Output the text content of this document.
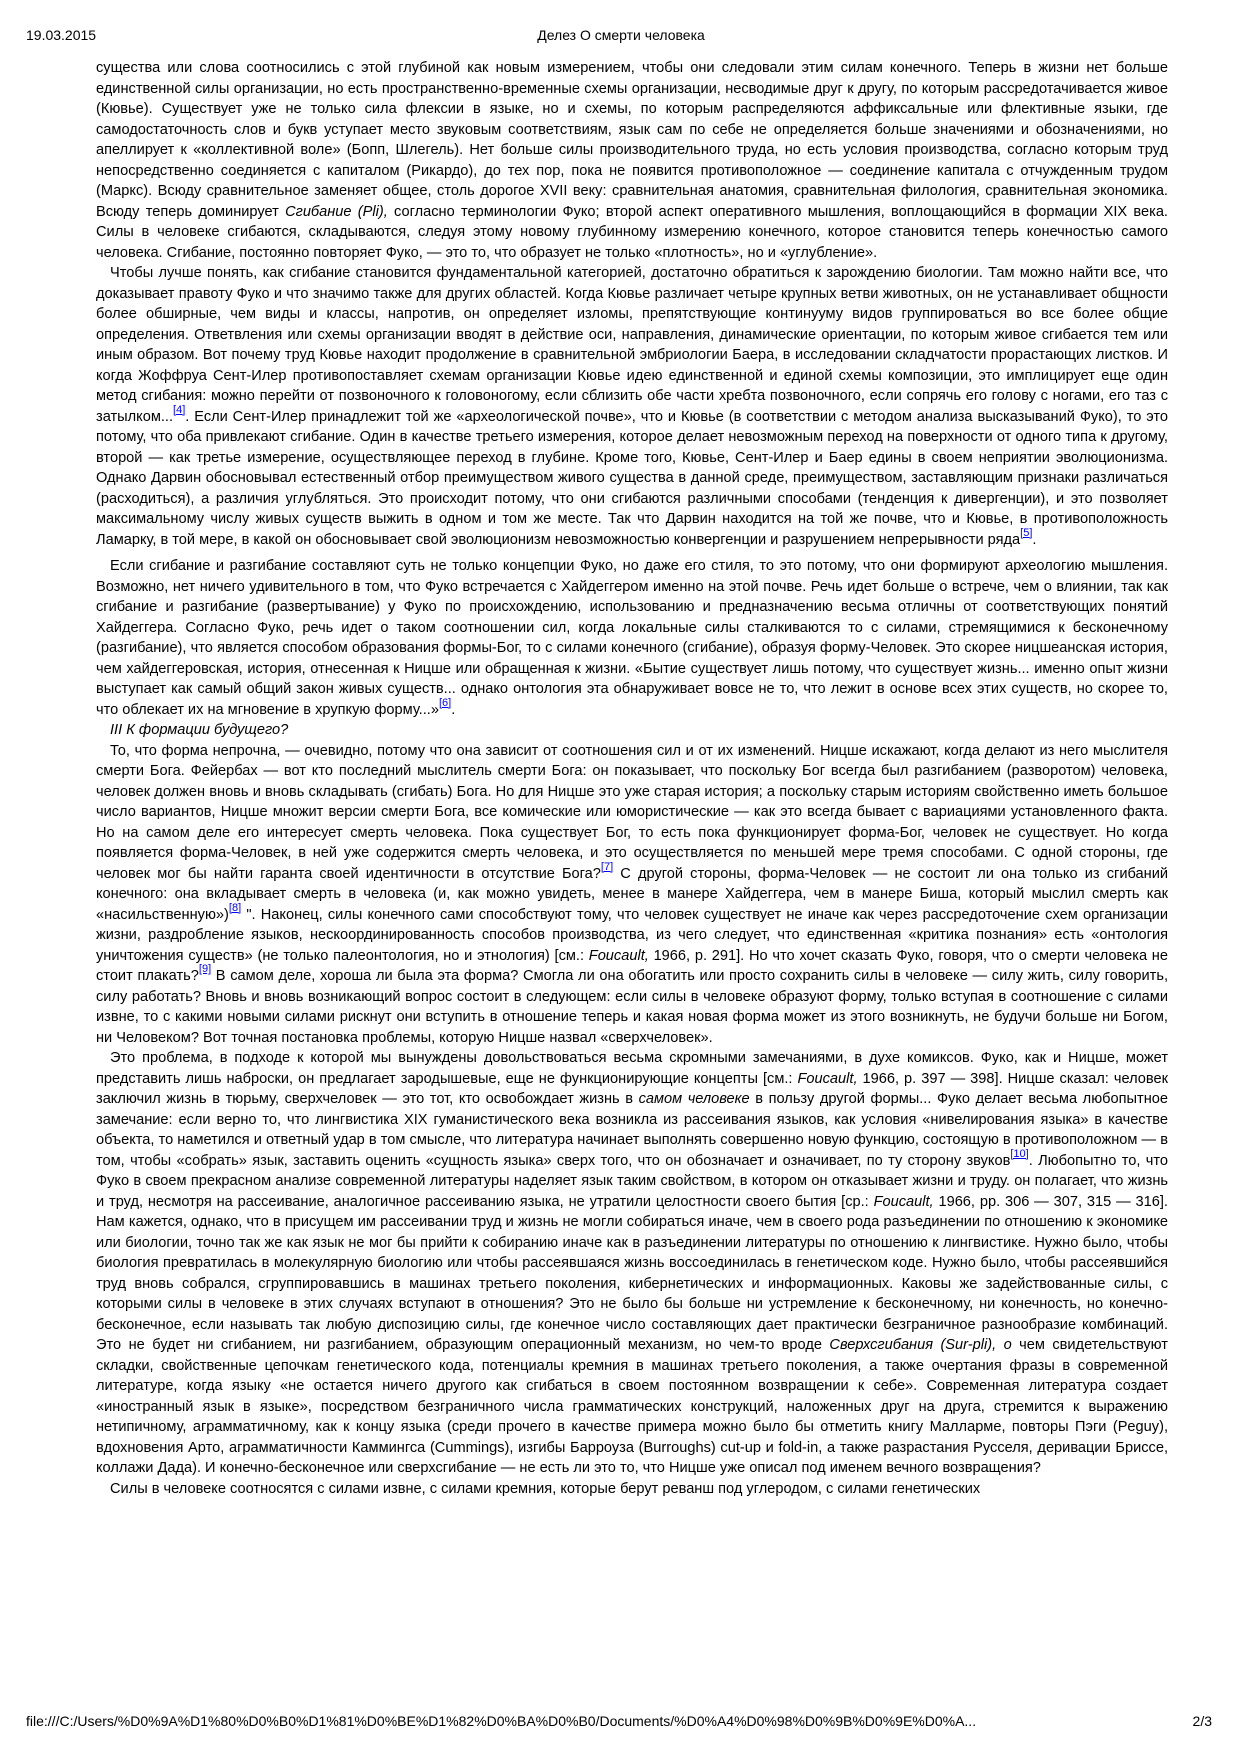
19.03.2015	Делез О смерти человека

существа или слова соотносились с этой глубиной как новым измерением, чтобы они следовали этим силам конечного. Теперь в жизни нет больше единственной силы организации, но есть пространственно-временные схемы организации, несводимые друг к другу, по которым рассредотачивается живое (Кювье). Существует уже не только сила флексии в языке, но и схемы, по которым распределяются аффиксальные или флективные языки, где самодостаточность слов и букв уступает место звуковым соответствиям, язык сам по себе не определяется больше значениями и обозначениями, но апеллирует к «коллективной воле» (Бопп, Шлегель). Нет больше силы производительного труда, но есть условия производства, согласно которым труд непосредственно соединяется с капиталом (Рикардо), до тех пор, пока не появится противоположное — соединение капитала с отчужденным трудом (Маркс). Всюду сравнительное заменяет общее, столь дорогое XVII веку: сравнительная анатомия, сравнительная филология, сравнительная экономика. Всюду теперь доминирует Сгибание (Pli), согласно терминологии Фуко; второй аспект оперативного мышления, воплощающийся в формации XIX века. Силы в человеке сгибаются, складываются, следуя этому новому глубинному измерению конечного, которое становится теперь конечностью самого человека. Сгибание, постоянно повторяет Фуко, — это то, что образует не только «плотность», но и «углубление».

Чтобы лучше понять, как сгибание становится фундаментальной категорией, достаточно обратиться к зарождению биологии. Там можно найти все, что доказывает правоту Фуко и что значимо также для других областей. Когда Кювье различает четыре крупных ветви животных, он не устанавливает общности более обширные, чем виды и классы, напротив, он определяет изломы, препятствующие континууму видов группироваться во все более общие определения. Ответвления или схемы организации вводят в действие оси, направления, динамические ориентации, по которым живое сгибается тем или иным образом. Вот почему труд Кювье находит продолжение в сравнительной эмбриологии Баера, в исследовании складчатости прорастающих листков. И когда Жоффруа Сент-Илер противопоставляет схемам организации Кювье идею единственной и единой схемы композиции, это имплицирует еще один метод сгибания: можно перейти от позвоночного к головоногому, если сблизить обе части хребта позвоночного, если сопрячь его голову с ногами, его таз с затылком...[4]. Если Сент-Илер принадлежит той же «археологической почве», что и Кювье (в соответствии с методом анализа высказываний Фуко), то это потому, что оба привлекают сгибание. Один в качестве третьего измерения, которое делает невозможным переход на поверхности от одного типа к другому, второй — как третье измерение, осуществляющее переход в глубине. Кроме того, Кювье, Сент-Илер и Баер едины в своем неприятии эволюционизма. Однако Дарвин обосновывал естественный отбор преимуществом живого существа в данной среде, преимуществом, заставляющим признаки различаться (расходиться), а различия углубляться. Это происходит потому, что они сгибаются различными способами (тенденция к дивергенции), и это позволяет максимальному числу живых существ выжить в одном и том же месте. Так что Дарвин находится на той же почве, что и Кювье, в противоположность Ламарку, в той мере, в какой он обосновывает свой эволюционизм невозможностью конвергенции и разрушением непрерывности ряда[5].

Если сгибание и разгибание составляют суть не только концепции Фуко, но даже его стиля, то это потому, что они формируют археологию мышления. Возможно, нет ничего удивительного в том, что Фуко встречается с Хайдеггером именно на этой почве. Речь идет больше о встрече, чем о влиянии, так как сгибание и разгибание (развертывание) у Фуко по происхождению, использованию и предназначению весьма отличны от соответствующих понятий Хайдеггера. Согласно Фуко, речь идет о таком соотношении сил, когда локальные силы сталкиваются то с силами, стремящимися к бесконечному (разгибание), что является способом образования формы-Бог, то с силами конечного (сгибание), образуя форму-Человек. Это скорее ницшеанская история, чем хайдеггеровская, история, отнесенная к Ницше или обращенная к жизни. «Бытие существует лишь потому, что существует жизнь... именно опыт жизни выступает как самый общий закон живых существ... однако онтология эта обнаруживает вовсе не то, что лежит в основе всех этих существ, но скорее то, что облекает их на мгновение в хрупкую форму...»[6].

III К формации будущего?

То, что форма непрочна, — очевидно, потому что она зависит от соотношения сил и от их изменений. Ницше искажают, когда делают из него мыслителя смерти Бога. Фейербах — вот кто последний мыслитель смерти Бога: он показывает, что поскольку Бог всегда был разгибанием (разворотом) человека, человек должен вновь и вновь складывать (сгибать) Бога. Но для Ницше это уже старая история; а поскольку старым историям свойственно иметь большое число вариантов, Ницше множит версии смерти Бога, все комические или юмористические — как это всегда бывает с вариациями установленного факта. Но на самом деле его интересует смерть человека. Пока существует Бог, то есть пока функционирует форма-Бог, человек не существует. Но когда появляется форма-Человек, в ней уже содержится смерть человека, и это осуществляется по меньшей мере тремя способами. С одной стороны, где человек мог бы найти гаранта своей идентичности в отсутствие Бога?[7] С другой стороны, форма-Человек — не состоит ли она только из сгибаний конечного: она вкладывает смерть в человека (и, как можно увидеть, менее в манере Хайдеггера, чем в манере Биша, который мыслил смерть как «насильственную»)[8] ". Наконец, силы конечного сами способствуют тому, что человек существует не иначе как через рассредоточение схем организации жизни, раздробление языков, нескоординированность способов производства, из чего следует, что единственная «критика познания» есть «онтология уничтожения существ» (не только палеонтология, но и этнология) [см.: Foucault, 1966, p. 291]. Но что хочет сказать Фуко, говоря, что о смерти человека не стоит плакать?[9] В самом деле, хороша ли была эта форма? Смогла ли она обогатить или просто сохранить силы в человеке — силу жить, силу говорить, силу работать? Вновь и вновь возникающий вопрос состоит в следующем: если силы в человеке образуют форму, только вступая в соотношение с силами извне, то с какими новыми силами рискнут они вступить в отношение теперь и какая новая форма может из этого возникнуть, не будучи больше ни Богом, ни Человеком? Вот точная постановка проблемы, которую Ницше назвал «сверхчеловек».

Это проблема, в подходе к которой мы вынуждены довольствоваться весьма скромными замечаниями, в духе комиксов. Фуко, как и Ницше, может представить лишь наброски, он предлагает зародышевые, еще не функционирующие концепты [см.: Foucault, 1966, p. 397 — 398]. Ницше сказал: человек заключил жизнь в тюрьму, сверхчеловек — это тот, кто освобождает жизнь в самом человеке в пользу другой формы... Фуко делает весьма любопытное замечание: если верно то, что лингвистика XIX гуманистического века возникла из рассеивания языков, как условия «нивелирования языка» в качестве объекта, то наметился и ответный удар в том смысле, что литература начинает выполнять совершенно новую функцию, состоящую в противоположном — в том, чтобы «собрать» язык, заставить оценить «сущность языка» сверх того, что он обозначает и означивает, по ту сторону звуков[10]. Любопытно то, что Фуко в своем прекрасном анализе современной литературы наделяет язык таким свойством, в котором он отказывает жизни и труду. он полагает, что жизнь и труд, несмотря на рассеивание, аналогичное рассеиванию языка, не утратили целостности своего бытия [ср.: Foucault, 1966, pp. 306 — 307, 315 — 316]. Нам кажется, однако, что в присущем им рассеивании труд и жизнь не могли собираться иначе, чем в своего рода разъединении по отношению к экономике или биологии, точно так же как язык не мог бы прийти к собиранию иначе как в разъединении литературы по отношению к лингвистике. Нужно было, чтобы биология превратилась в молекулярную биологию или чтобы рассеявшаяся жизнь воссоединилась в генетическом коде. Нужно было, чтобы рассеявшийся труд вновь собрался, сгруппировавшись в машинах третьего поколения, кибернетических и информационных. Каковы же задействованные силы, с которыми силы в человеке в этих случаях вступают в отношения? Это не было бы больше ни устремление к бесконечному, ни конечность, но конечно-бесконечное, если называть так любую диспозицию силы, где конечное число составляющих дает практически безграничное разнообразие комбинаций. Это не будет ни сгибанием, ни разгибанием, образующим операционный механизм, но чем-то вроде Сверхсгибания (Sur-pli), о чем свидетельствуют складки, свойственные цепочкам генетического кода, потенциалы кремния в машинах третьего поколения, а также очертания фразы в современной литературе, когда языку «не остается ничего другого как сгибаться в своем постоянном возвращении к себе». Современная литература создает «иностранный язык в языке», посредством безграничного числа грамматических конструкций, наложенных друг на друга, стремится к выражению нетипичному, аграмматичному, как к концу языка (среди прочего в качестве примера можно было бы отметить книгу Малларме, повторы Пэги (Peguy), вдохновения Арто, аграмматичности Каммингса (Cummings), изгибы Барроуза (Burroughs) cut-up и fold-in, а также разрастания Русселя, деривации Бриссе, коллажи Дада). И конечно-бесконечное или сверхсгибание — не есть ли это то, что Ницше уже описал под именем вечного возвращения?

Силы в человеке соотносятся с силами извне, с силами кремния, которые берут реванш под углеродом, с силами генетических

file:///C:/Users/%D0%9A%D1%80%D0%B0%D1%81%D0%BE%D1%82%D0%BA%D0%B0/Documents/%D0%A4%D0%98%D0%9B%D0%9E%D0%A...	2/3
